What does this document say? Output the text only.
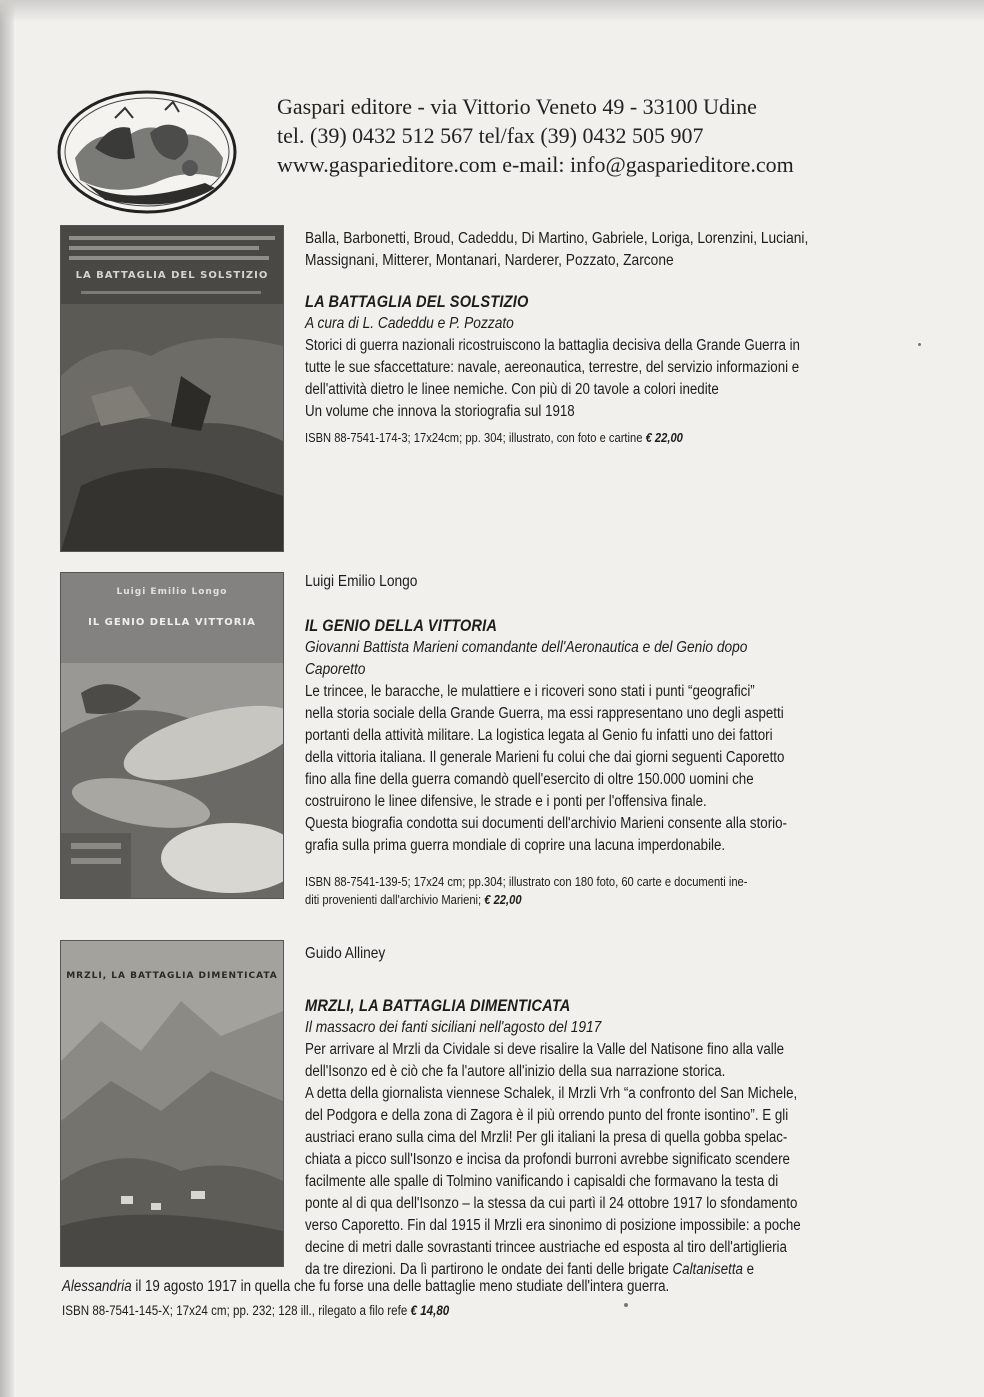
Gaspari editore - via Vittorio Veneto 49 - 33100 Udine
tel. (39) 0432 512 567 tel/fax (39) 0432 505 907
www.gasparieditore.com e-mail: info@gasparieditore.com
LA BATTAGLIA DEL SOLSTIZIO
Balla, Barbonetti, Broud, Cadeddu, Di Martino, Gabriele, Loriga, Lorenzini, Luciani,
Massignani, Mitterer, Montanari, Narderer, Pozzato, Zarcone
LA BATTAGLIA DEL SOLSTIZIO
A cura di L. Cadeddu e P. Pozzato
Storici di guerra nazionali ricostruiscono la battaglia decisiva della Grande Guerra in
tutte le sue sfaccettature: navale, aereonautica, terrestre, del servizio informazioni e
dell'attività dietro le linee nemiche. Con più di 20 tavole a colori inedite
Un volume che innova la storiografia sul 1918
ISBN 88-7541-174-3; 17x24cm; pp. 304; illustrato, con foto e cartine € 22,00
Luigi Emilio Longo
IL GENIO DELLA VITTORIA
Luigi Emilio Longo
IL GENIO DELLA VITTORIA
Giovanni Battista Marieni comandante dell'Aeronautica e del Genio dopo
Caporetto
Le trincee, le baracche, le mulattiere e i ricoveri sono stati i punti “geografici”
nella storia sociale della Grande Guerra, ma essi rappresentano uno degli aspetti
portanti della attività militare. La logistica legata al Genio fu infatti uno dei fattori
della vittoria italiana. Il generale Marieni fu colui che dai giorni seguenti Caporetto
fino alla fine della guerra comandò quell'esercito di oltre 150.000 uomini che
costruirono le linee difensive, le strade e i ponti per l'offensiva finale.
Questa biografia condotta sui documenti dell'archivio Marieni consente alla storio-
grafia sulla prima guerra mondiale di coprire una lacuna imperdonabile.
ISBN 88-7541-139-5; 17x24 cm; pp.304; illustrato con 180 foto, 60 carte e documenti ine-
diti provenienti dall'archivio Marieni; € 22,00
MRZLI, LA BATTAGLIA DIMENTICATA
Guido Alliney
MRZLI, LA BATTAGLIA DIMENTICATA
Il massacro dei fanti siciliani nell'agosto del 1917
Per arrivare al Mrzli da Cividale si deve risalire la Valle del Natisone fino alla valle
dell'Isonzo ed è ciò che fa l'autore all'inizio della sua narrazione storica.
A detta della giornalista viennese Schalek, il Mrzli Vrh “a confronto del San Michele,
del Podgora e della zona di Zagora è il più orrendo punto del fronte isontino”. E gli
austriaci erano sulla cima del Mrzli! Per gli italiani la presa di quella gobba spelac-
chiata a picco sull'Isonzo e incisa da profondi burroni avrebbe significato scendere
facilmente alle spalle di Tolmino vanificando i capisaldi che formavano la testa di
ponte al di qua dell'Isonzo – la stessa da cui partì il 24 ottobre 1917 lo sfondamento
verso Caporetto. Fin dal 1915 il Mrzli era sinonimo di posizione impossibile: a poche
decine di metri dalle sovrastanti trincee austriache ed esposta al tiro dell'artiglieria
da tre direzioni. Da lì partirono le ondate dei fanti delle brigate Caltanisetta e
Alessandria il 19 agosto 1917 in quella che fu forse una delle battaglie meno studiate dell'intera guerra.
ISBN 88-7541-145-X; 17x24 cm; pp. 232; 128 ill., rilegato a filo refe € 14,80
